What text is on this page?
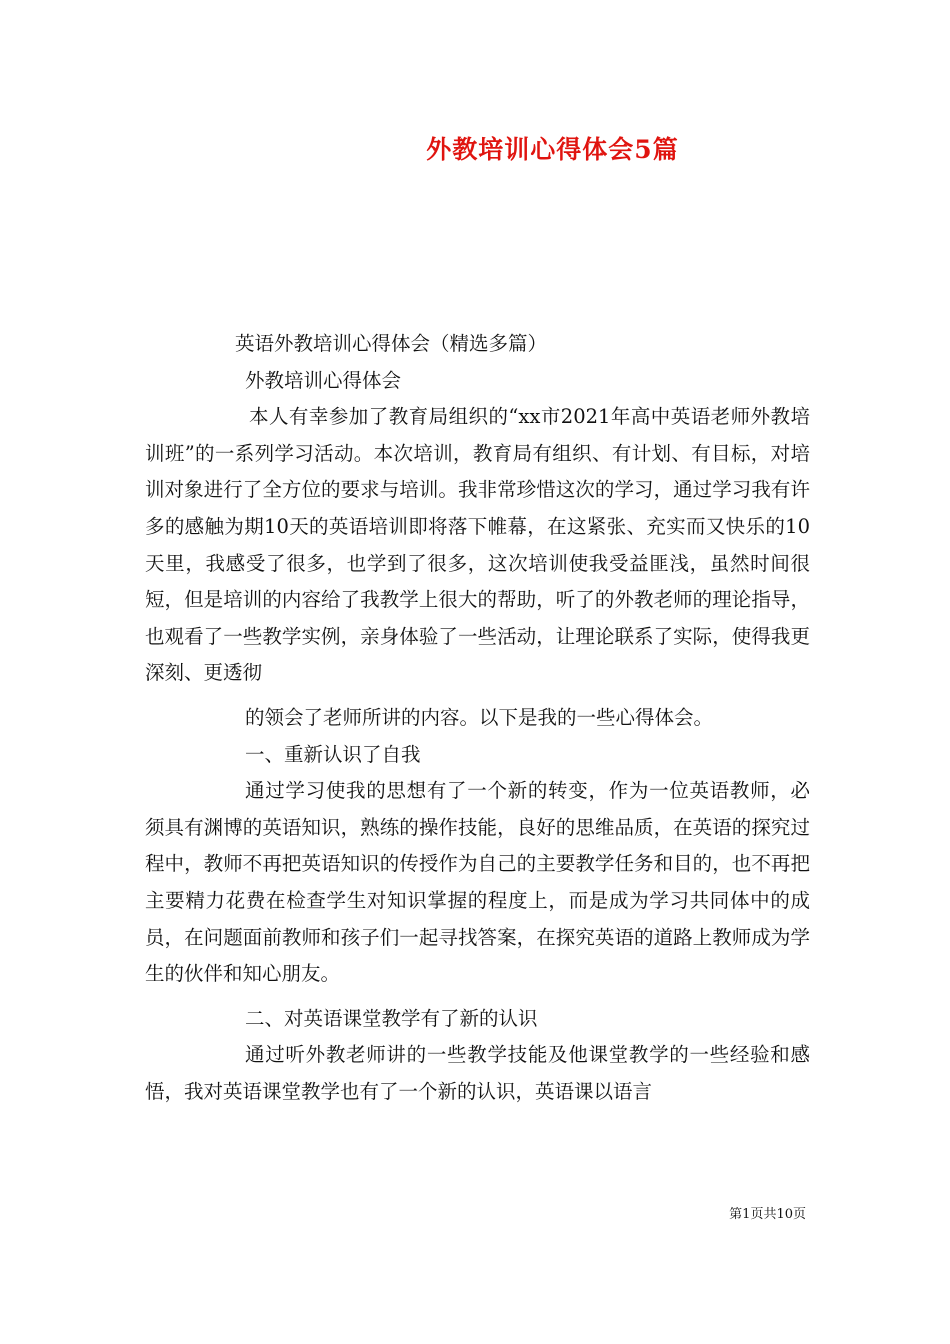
外教培训心得体会5篇

英语外教培训心得体会（精选多篇）

外教培训心得体会

本人有幸参加了教育局组织的“xx市2021年高中英语老师外教培训班”的一系列学习活动。本次培训，教育局有组织、有计划、有目标，对培训对象进行了全方位的要求与培训。我非常珍惜这次的学习，通过学习我有许多的感触为期10天的英语培训即将落下帷幕，在这紧张、充实而又快乐的10天里，我感受了很多，也学到了很多，这次培训使我受益匪浅，虽然时间很短，但是培训的内容给了我教学上很大的帮助，听了的外教老师的理论指导，也观看了一些教学实例，亲身体验了一些活动，让理论联系了实际，使得我更深刻、更透彻

的领会了老师所讲的内容。以下是我的一些心得体会。

一、重新认识了自我

通过学习使我的思想有了一个新的转变，作为一位英语教师，必须具有渊博的英语知识，熟练的操作技能，良好的思维品质，在英语的探究过程中，教师不再把英语知识的传授作为自己的主要教学任务和目的，也不再把主要精力花费在检查学生对知识掌握的程度上，而是成为学习共同体中的成员，在问题面前教师和孩子们一起寻找答案，在探究英语的道路上教师成为学生的伙伴和知心朋友。

二、对英语课堂教学有了新的认识

通过听外教老师讲的一些教学技能及他课堂教学的一些经验和感悟，我对英语课堂教学也有了一个新的认识，英语课以语言

第1页共10页
